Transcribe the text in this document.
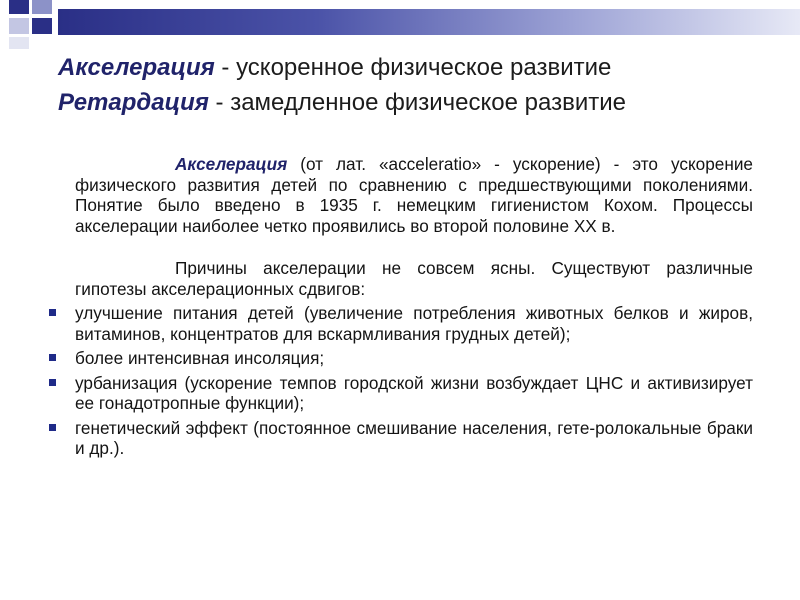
Акселерация - ускоренное физическое развитие
Ретардация - замедленное физическое развитие

Акселерация (от лат. «acceleratio» - ускорение) - это ускорение физического развития детей по сравнению с предшествующими поколениями. Понятие было введено в 1935 г. немецким гигиенистом Кохом. Процессы акселерации наиболее четко проявились во второй половине XX в.

Причины акселерации не совсем ясны. Существуют различные гипотезы акселерационных сдвигов:

улучшение питания детей (увеличение потребления животных белков и жиров, витаминов, концентратов для вскармливания грудных детей);
более интенсивная инсоляция;
урбанизация (ускорение темпов городской жизни возбуждает ЦНС и активизирует ее гонадотропные функции);
генетический эффект (постоянное смешивание населения, гете-ролокальные браки и др.).
